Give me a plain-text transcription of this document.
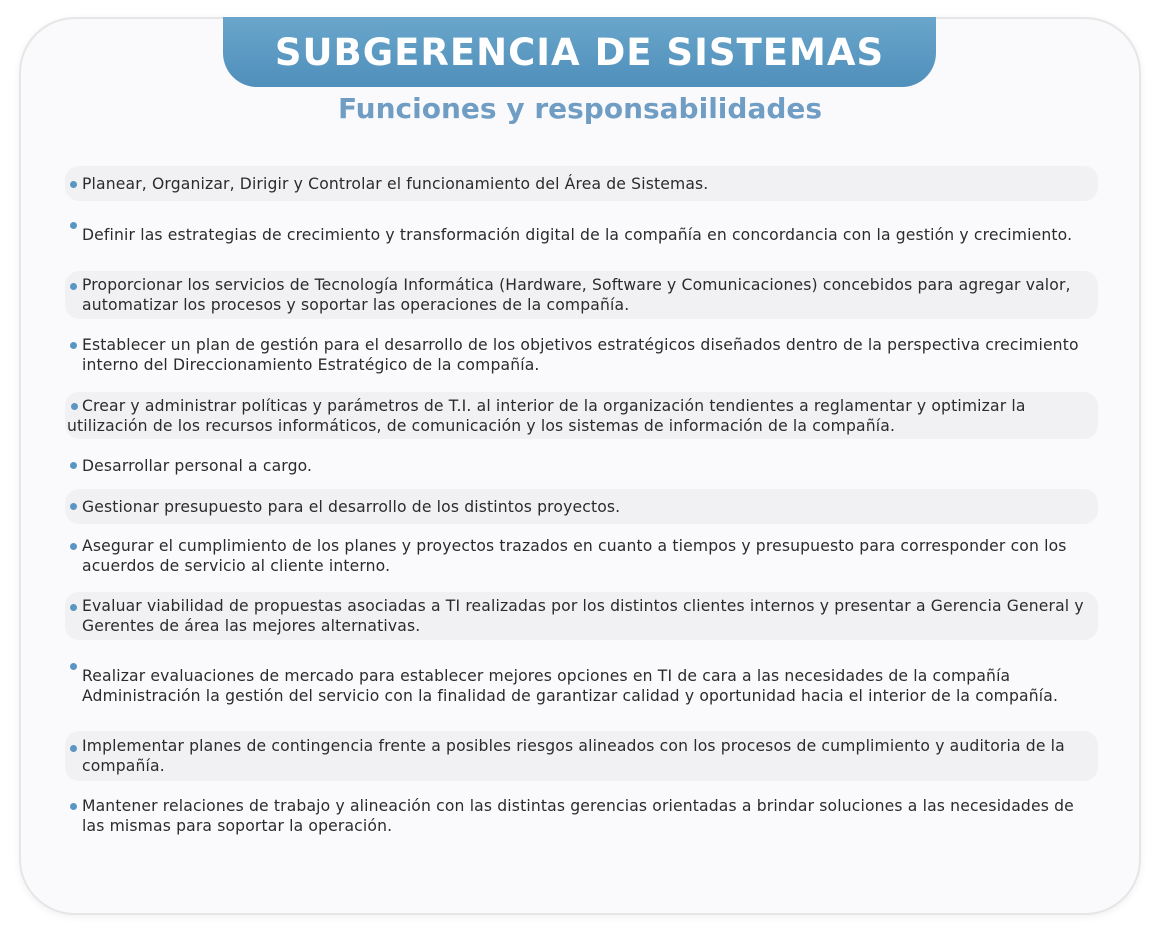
SUBGERENCIA DE SISTEMAS
Funciones y responsabilidades
Planear, Organizar, Dirigir y Controlar el funcionamiento del Área de Sistemas.
Definir las estrategias de crecimiento y transformación digital de la compañía en concordancia con la gestión y crecimiento.
Proporcionar los servicios de Tecnología Informática (Hardware, Software y Comunicaciones) concebidos para agregar valor, automatizar los procesos y soportar las operaciones de la compañía.
Establecer un plan de gestión para el desarrollo de los objetivos estratégicos diseñados dentro de la perspectiva crecimiento interno del Direccionamiento Estratégico de la compañía.
Crear y administrar políticas y parámetros de T.I. al interior de la organización tendientes a reglamentar y optimizar la utilización de los recursos informáticos, de comunicación y los sistemas de información de la compañía.
Desarrollar personal a cargo.
Gestionar presupuesto para el desarrollo de los distintos proyectos.
Asegurar el cumplimiento de los planes y proyectos trazados en cuanto a tiempos y presupuesto para corresponder con los acuerdos de servicio al cliente interno.
Evaluar viabilidad de propuestas asociadas a TI realizadas por los distintos clientes internos y presentar a Gerencia General y Gerentes de área las mejores alternativas.
Realizar evaluaciones de mercado para establecer mejores opciones en TI de cara a las necesidades de la compañía Administración la gestión del servicio con la finalidad de garantizar calidad y oportunidad hacia el interior de la compañía.
Implementar planes de contingencia frente a posibles riesgos alineados con los procesos de cumplimiento y auditoria de la compañía.
Mantener relaciones de trabajo y alineación con las distintas gerencias orientadas a brindar soluciones a las necesidades de las mismas para soportar la operación.
